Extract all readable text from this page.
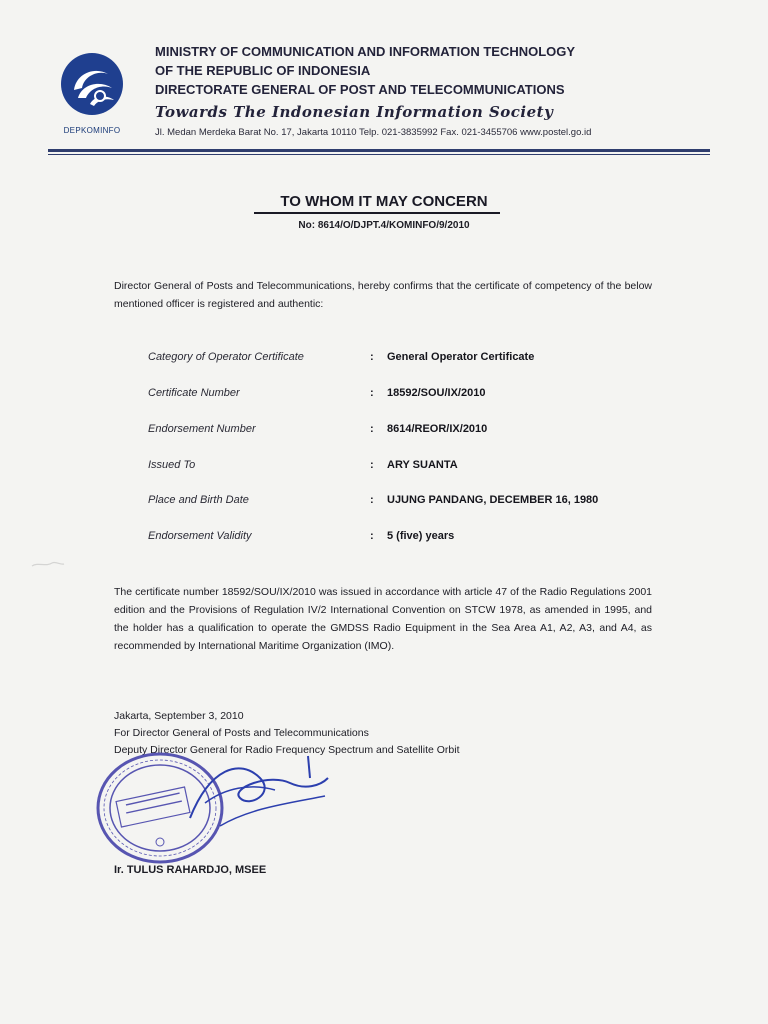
DEPKOMINFO
MINISTRY OF COMMUNICATION AND INFORMATION TECHNOLOGY
OF THE REPUBLIC OF INDONESIA
DIRECTORATE GENERAL OF POST AND TELECOMMUNICATIONS
Towards The Indonesian Information Society
Jl. Medan Merdeka Barat No. 17, Jakarta 10110 Telp. 021-3835992 Fax. 021-3455706 www.postel.go.id
TO WHOM IT MAY CONCERN
No: 8614/O/DJPT.4/KOMINFO/9/2010
Director General of Posts and Telecommunications, hereby confirms that the certificate of competency of the below mentioned officer is registered and authentic:
Category of Operator Certificate	: General Operator Certificate
Certificate Number	: 18592/SOU/IX/2010
Endorsement Number	: 8614/REOR/IX/2010
Issued To	: ARY SUANTA
Place and Birth Date	: UJUNG PANDANG, DECEMBER 16, 1980
Endorsement Validity	: 5 (five) years
The certificate number 18592/SOU/IX/2010 was issued in accordance with article 47 of the Radio Regulations 2001 edition and the Provisions of Regulation IV/2 International Convention on STCW 1978, as amended in 1995, and the holder has a qualification to operate the GMDSS Radio Equipment in the Sea Area A1, A2, A3, and A4, as recommended by International Maritime Organization (IMO).
Jakarta, September 3, 2010
For Director General of Posts and Telecommunications
Deputy Director General for Radio Frequency Spectrum and Satellite Orbit
Ir. TULUS RAHARDJO, MSEE
